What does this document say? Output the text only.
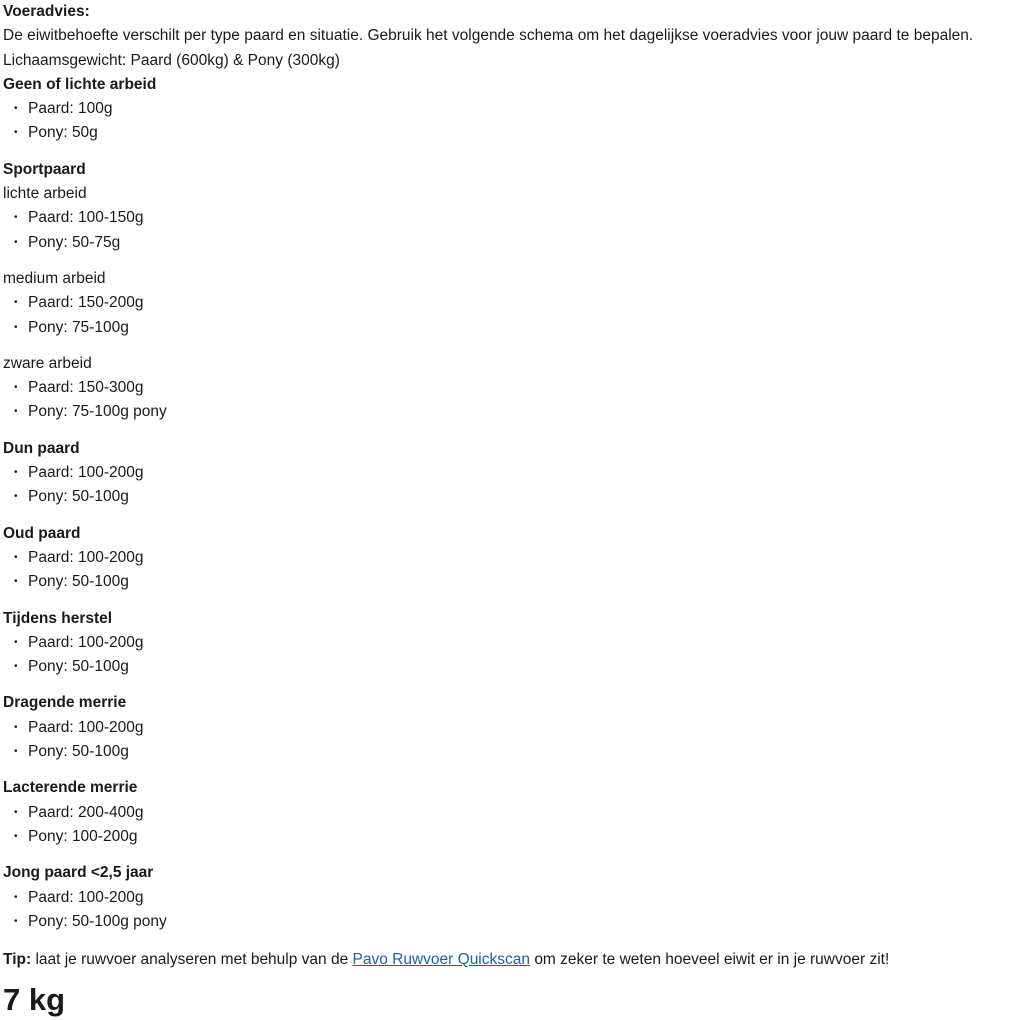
Voeradvies:
De eiwitbehoefte verschilt per type paard en situatie. Gebruik het volgende schema om het dagelijkse voeradvies voor jouw paard te bepalen.
Lichaamsgewicht: Paard (600kg) & Pony (300kg)
Geen of lichte arbeid
• Paard: 100g
• Pony: 50g
Sportpaard
lichte arbeid
• Paard: 100-150g
• Pony: 50-75g
medium arbeid
• Paard: 150-200g
• Pony: 75-100g
zware arbeid
• Paard: 150-300g
• Pony: 75-100g pony
Dun paard
• Paard: 100-200g
• Pony: 50-100g
Oud paard
• Paard: 100-200g
• Pony: 50-100g
Tijdens herstel
• Paard: 100-200g
• Pony: 50-100g
Dragende merrie
• Paard: 100-200g
• Pony: 50-100g
Lacterende merrie
• Paard: 200-400g
• Pony: 100-200g
Jong paard <2,5 jaar
• Paard: 100-200g
• Pony: 50-100g pony
Tip: laat je ruwvoer analyseren met behulp van de Pavo Ruwvoer Quickscan om zeker te weten hoeveel eiwit er in je ruwvoer zit!
7 kg
